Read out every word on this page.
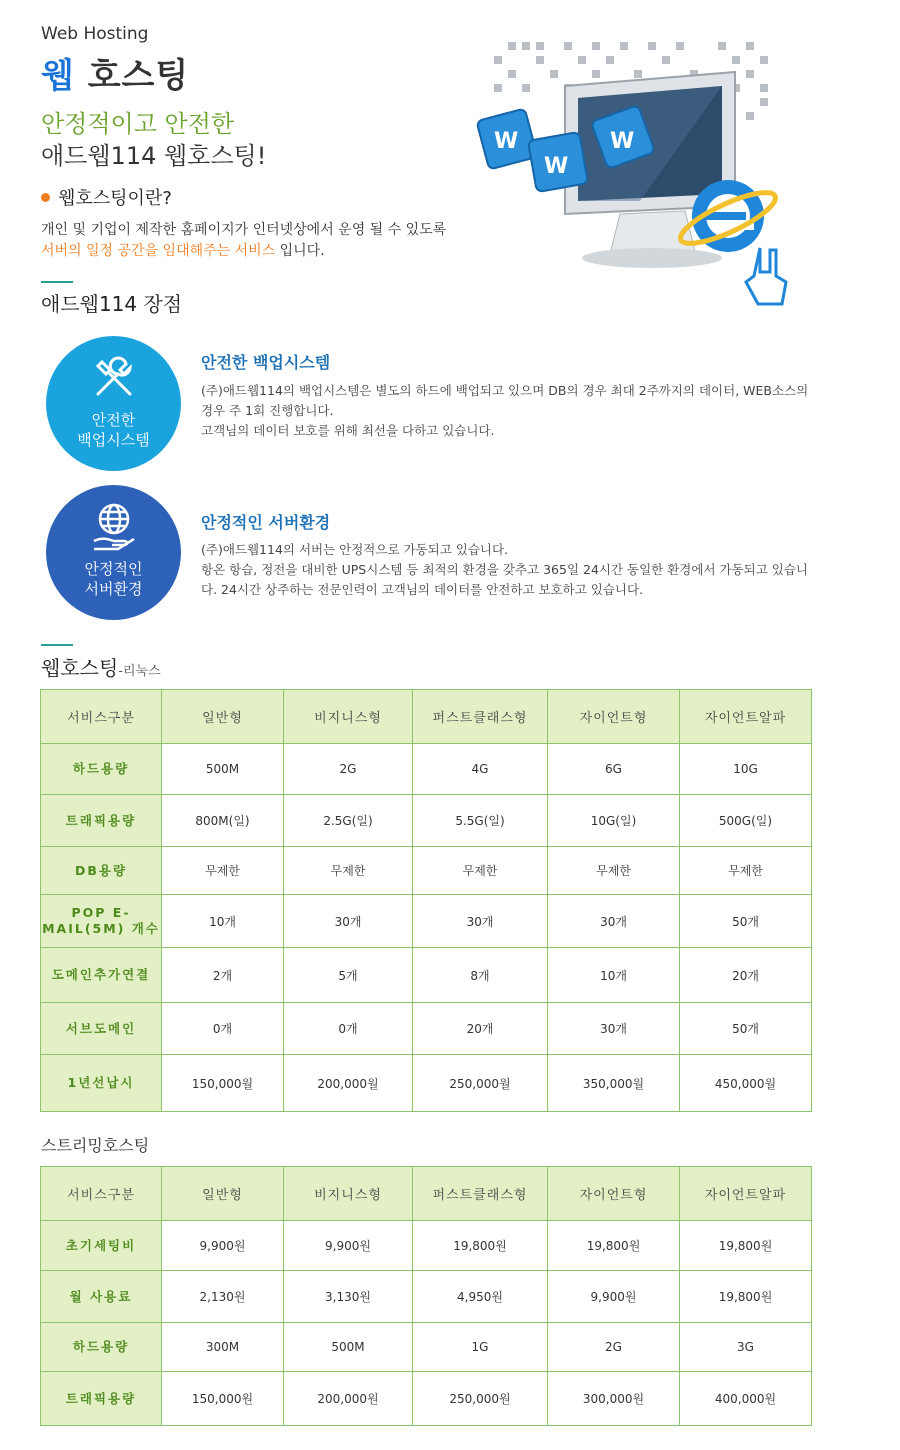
Web Hosting
웹 호스팅
안정적이고 안전한
애드웹114 웹호스팅!
웹호스팅이란?
개인 및 기업이 제작한 홈페이지가 인터넷상에서 운영 될 수 있도록
서버의 일정 공간을 임대해주는 서비스 입니다.
W
W
W
애드웹114 장점
안전한
백업시스템
안전한 백업시스템
(주)애드웹114의 백업시스템은 별도의 하드에 백업되고 있으며 DB의 경우 최대 2주까지의 데이터, WEB소스의 경우 주 1회 진행합니다.
고객님의 데이터 보호를 위해 최선을 다하고 있습니다.
안정적인
서버환경
안정적인 서버환경
(주)애드웹114의 서버는 안정적으로 가동되고 있습니다.
항온 항습, 정전을 대비한 UPS시스템 등 최적의 환경을 갖추고 365일 24시간 동일한 환경에서 가동되고 있습니다. 24시간 상주하는 전문인력이 고객님의 데이터를 안전하고 보호하고 있습니다.
웹호스팅-리눅스
서비스구분	일반형	비지니스형	퍼스트클래스형	자이언트형	자이언트알파
하드용량	500M	2G	4G	6G	10G
트래픽용량	800M(일)	2.5G(일)	5.5G(일)	10G(일)	500G(일)
DB용량	무제한	무제한	무제한	무제한	무제한
POP E-MAIL(5M) 개수	10개	30개	30개	30개	50개
도메인추가연결	2개	5개	8개	10개	20개
서브도메인	0개	0개	20개	30개	50개
1년선납시	150,000월	200,000월	250,000월	350,000월	450,000월
스트리밍호스팅
서비스구분	일반형	비지니스형	퍼스트클래스형	자이언트형	자이언트알파
초기세팅비	9,900원	9,900원	19,800원	19,800원	19,800원
월 사용료	2,130원	3,130원	4,950원	9,900원	19,800원
하드용량	300M	500M	1G	2G	3G
트래픽용량	150,000원	200,000원	250,000원	300,000원	400,000원
